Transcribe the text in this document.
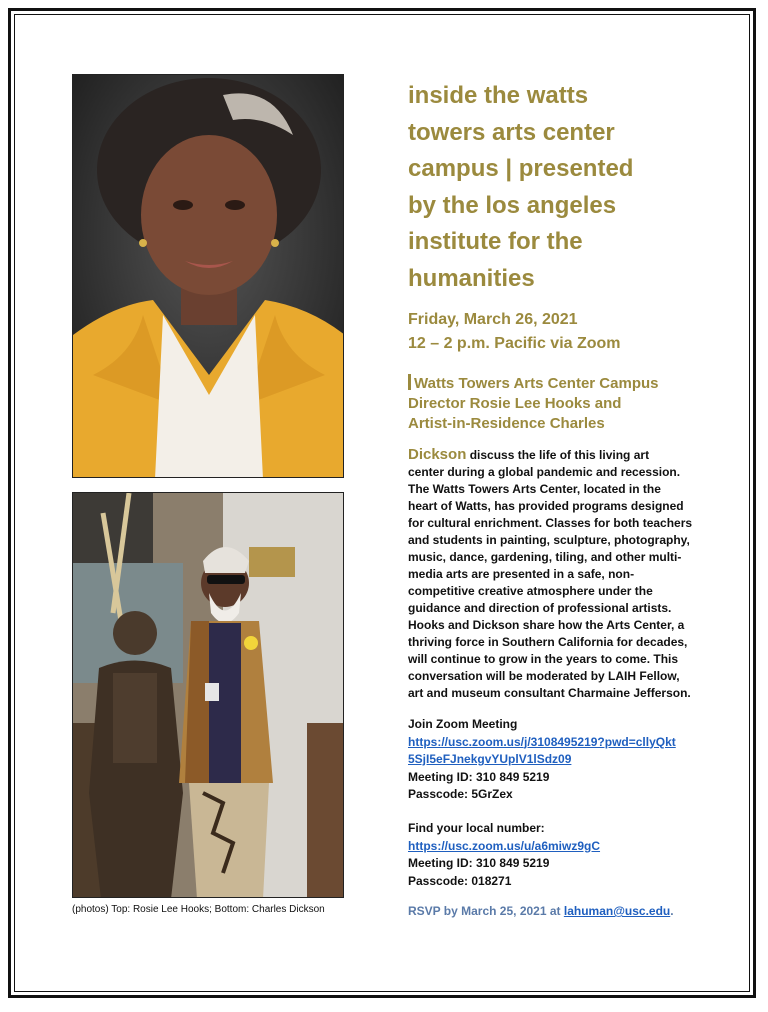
(photos) Top: Rosie Lee Hooks; Bottom: Charles Dickson
inside the watts
towers arts center
campus | presented
by the los angeles
institute for the
humanities
Friday, March 26, 2021
12 – 2 p.m. Pacific via Zoom
Watts Towers Arts Center Campus
Director Rosie Lee Hooks and
Artist-in-Residence Charles
Dickson discuss the life of this living art
center during a global pandemic and recession.
The Watts Towers Arts Center, located in the
heart of Watts, has provided programs designed
for cultural enrichment. Classes for both teachers
and students in painting, sculpture, photography,
music, dance, gardening, tiling, and other multi-
media arts are presented in a safe, non-
competitive creative atmosphere under the
guidance and direction of professional artists.
Hooks and Dickson share how the Arts Center, a
thriving force in Southern California for decades,
will continue to grow in the years to come. This
conversation will be moderated by LAIH Fellow,
art and museum consultant Charmaine Jefferson.
Join Zoom Meeting
https://usc.zoom.us/j/3108495219?pwd=cllyQkt
5SjI5eFJnekgvYUplV1lSdz09
Meeting ID: 310 849 5219
Passcode: 5GrZex
Find your local number:
https://usc.zoom.us/u/a6miwz9gC
Meeting ID: 310 849 5219
Passcode: 018271
RSVP by March 25, 2021 at lahuman@usc.edu.
